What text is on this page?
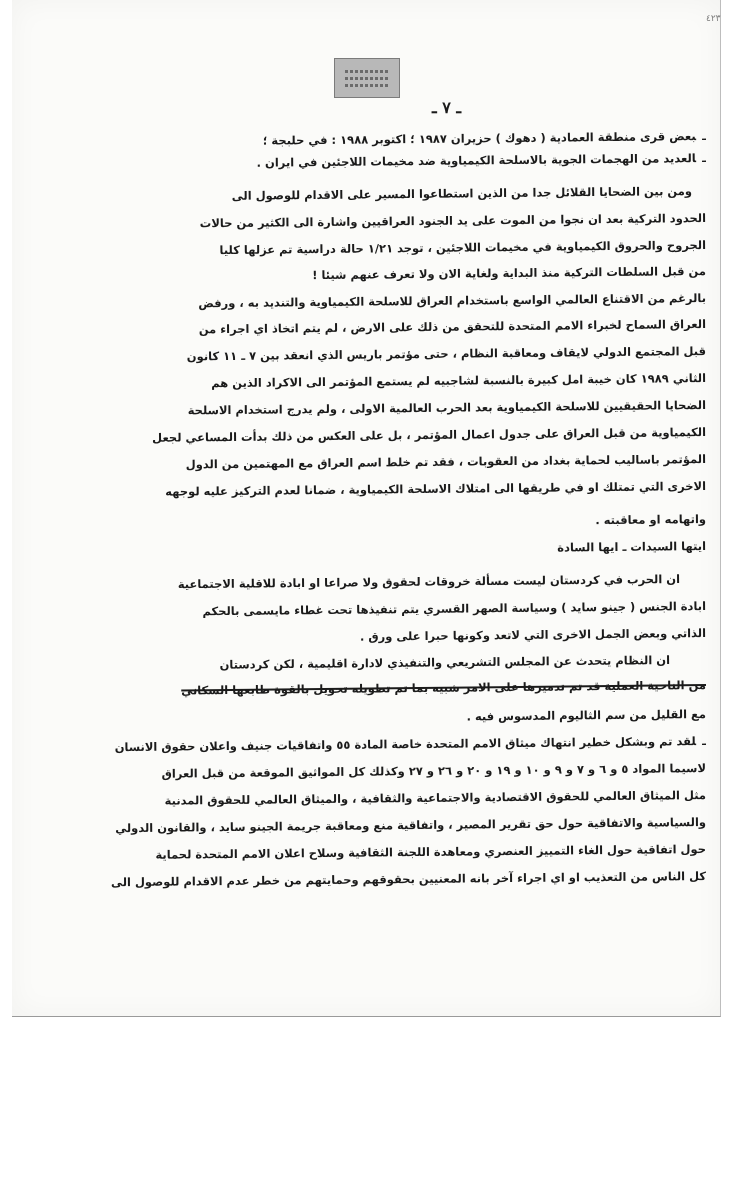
٤٢٣
ـ ٧ ـ
ـبعض قرى منطقة العمادية ( دهوك ) حزيران ١٩٨٧ ؛ اكتوبر ١٩٨٨ : في حلبجة ؛
ـالعديد من الهجمات الجوية بالاسلحة الكيمياوية ضد مخيمات اللاجئين في ايران .
ومن بين الضحايا القلائل جدا من الذين استطاعوا المسير على الاقدام للوصول الى
الحدود التركية بعد ان نجوا من الموت على يد الجنود العراقيين واشارة الى الكثير من حالات
الجروح والحروق الكيمياوية في مخيمات اللاجئين ، توجد ١/٢١ حالة دراسية تم عزلها كليا
من قبل السلطات التركية منذ البداية ولغاية الان ولا تعرف عنهم شيئا !
بالرغم من الاقتناع العالمي الواسع باستخدام العراق للاسلحة الكيمياوية والتنديد به ، ورفض
العراق السماح لخبراء الامم المتحدة للتحقق من ذلك على الارض ، لم يتم اتخاذ اي اجراء من
قبل المجتمع الدولي لايقاف ومعاقبة النظام ، حتى مؤتمر باريس الذي انعقد بين ٧ ـ ١١ كانون
الثاني ١٩٨٩ كان خيبة امل كبيرة بالنسبة لشاجبيه لم يستمع المؤتمر الى الاكراد الذين هم
الضحايا الحقيقيين للاسلحة الكيمياوية بعد الحرب العالمية الاولى ، ولم يدرج استخدام الاسلحة
الكيمياوية من قبل العراق على جدول اعمال المؤتمر ، بل على العكس من ذلك بدأت المساعي لجعل
المؤتمر باساليب لحماية بغداد من العقوبات ، فقد تم خلط اسم العراق مع المهتمين من الدول
الاخرى التي تمتلك او في طريقها الى امتلاك الاسلحة الكيمياوية ، ضمانا لعدم التركيز عليه لوجهه
واتهامه او معاقبته .
ايتها السيدات ـ ايها السادة
ان الحرب في كردستان ليست مسألة خروقات لحقوق ولا صراعا او ابادة للاقلية الاجتماعية
ابادة الجنس ( جينو سايد ) وسياسة الصهر القسري يتم تنفيذها تحت غطاء مايسمى بالحكم
الذاتي وبعض الجمل الاخرى التي لاتعد وكونها حبرا على ورق .
ان النظام يتحدث عن المجلس التشريعي والتنفيذي لادارة اقليمية ، لكن كردستان
من الناحية العملية قد تم تدميرها على الامر شبيه بما تم تطويله تحويل بالقوة طابعها السكاني
مع القليل من سم الثاليوم المدسوس فيه .
ـلقد تم وبشكل خطير انتهاك ميثاق الامم المتحدة خاصة المادة ٥٥ واتفاقيات جنيف واعلان حقوق الانسان
لاسيما المواد ٥ و ٦ و ٧ و ٩ و ١٠ و ١٩ و ٢٠ و ٢٦ و ٢٧ وكذلك كل المواثيق الموقعة من قبل العراق
مثل الميثاق العالمي للحقوق الاقتصادية والاجتماعية والثقافية ، والميثاق العالمي للحقوق المدنية
والسياسية والاتفاقية حول حق تقرير المصير ، واتفاقية منع ومعاقبة جريمة الجينو سايد ، والقانون الدولي
حول اتفاقية حول الغاء التمييز العنصري ومعاهدة اللجنة الثقافية وسلاح اعلان الامم المتحدة لحماية
كل الناس من التعذيب او اي اجراء آخر بانه المعنيين بحقوقهم وحمايتهم من خطر عدم الاقدام للوصول الى
